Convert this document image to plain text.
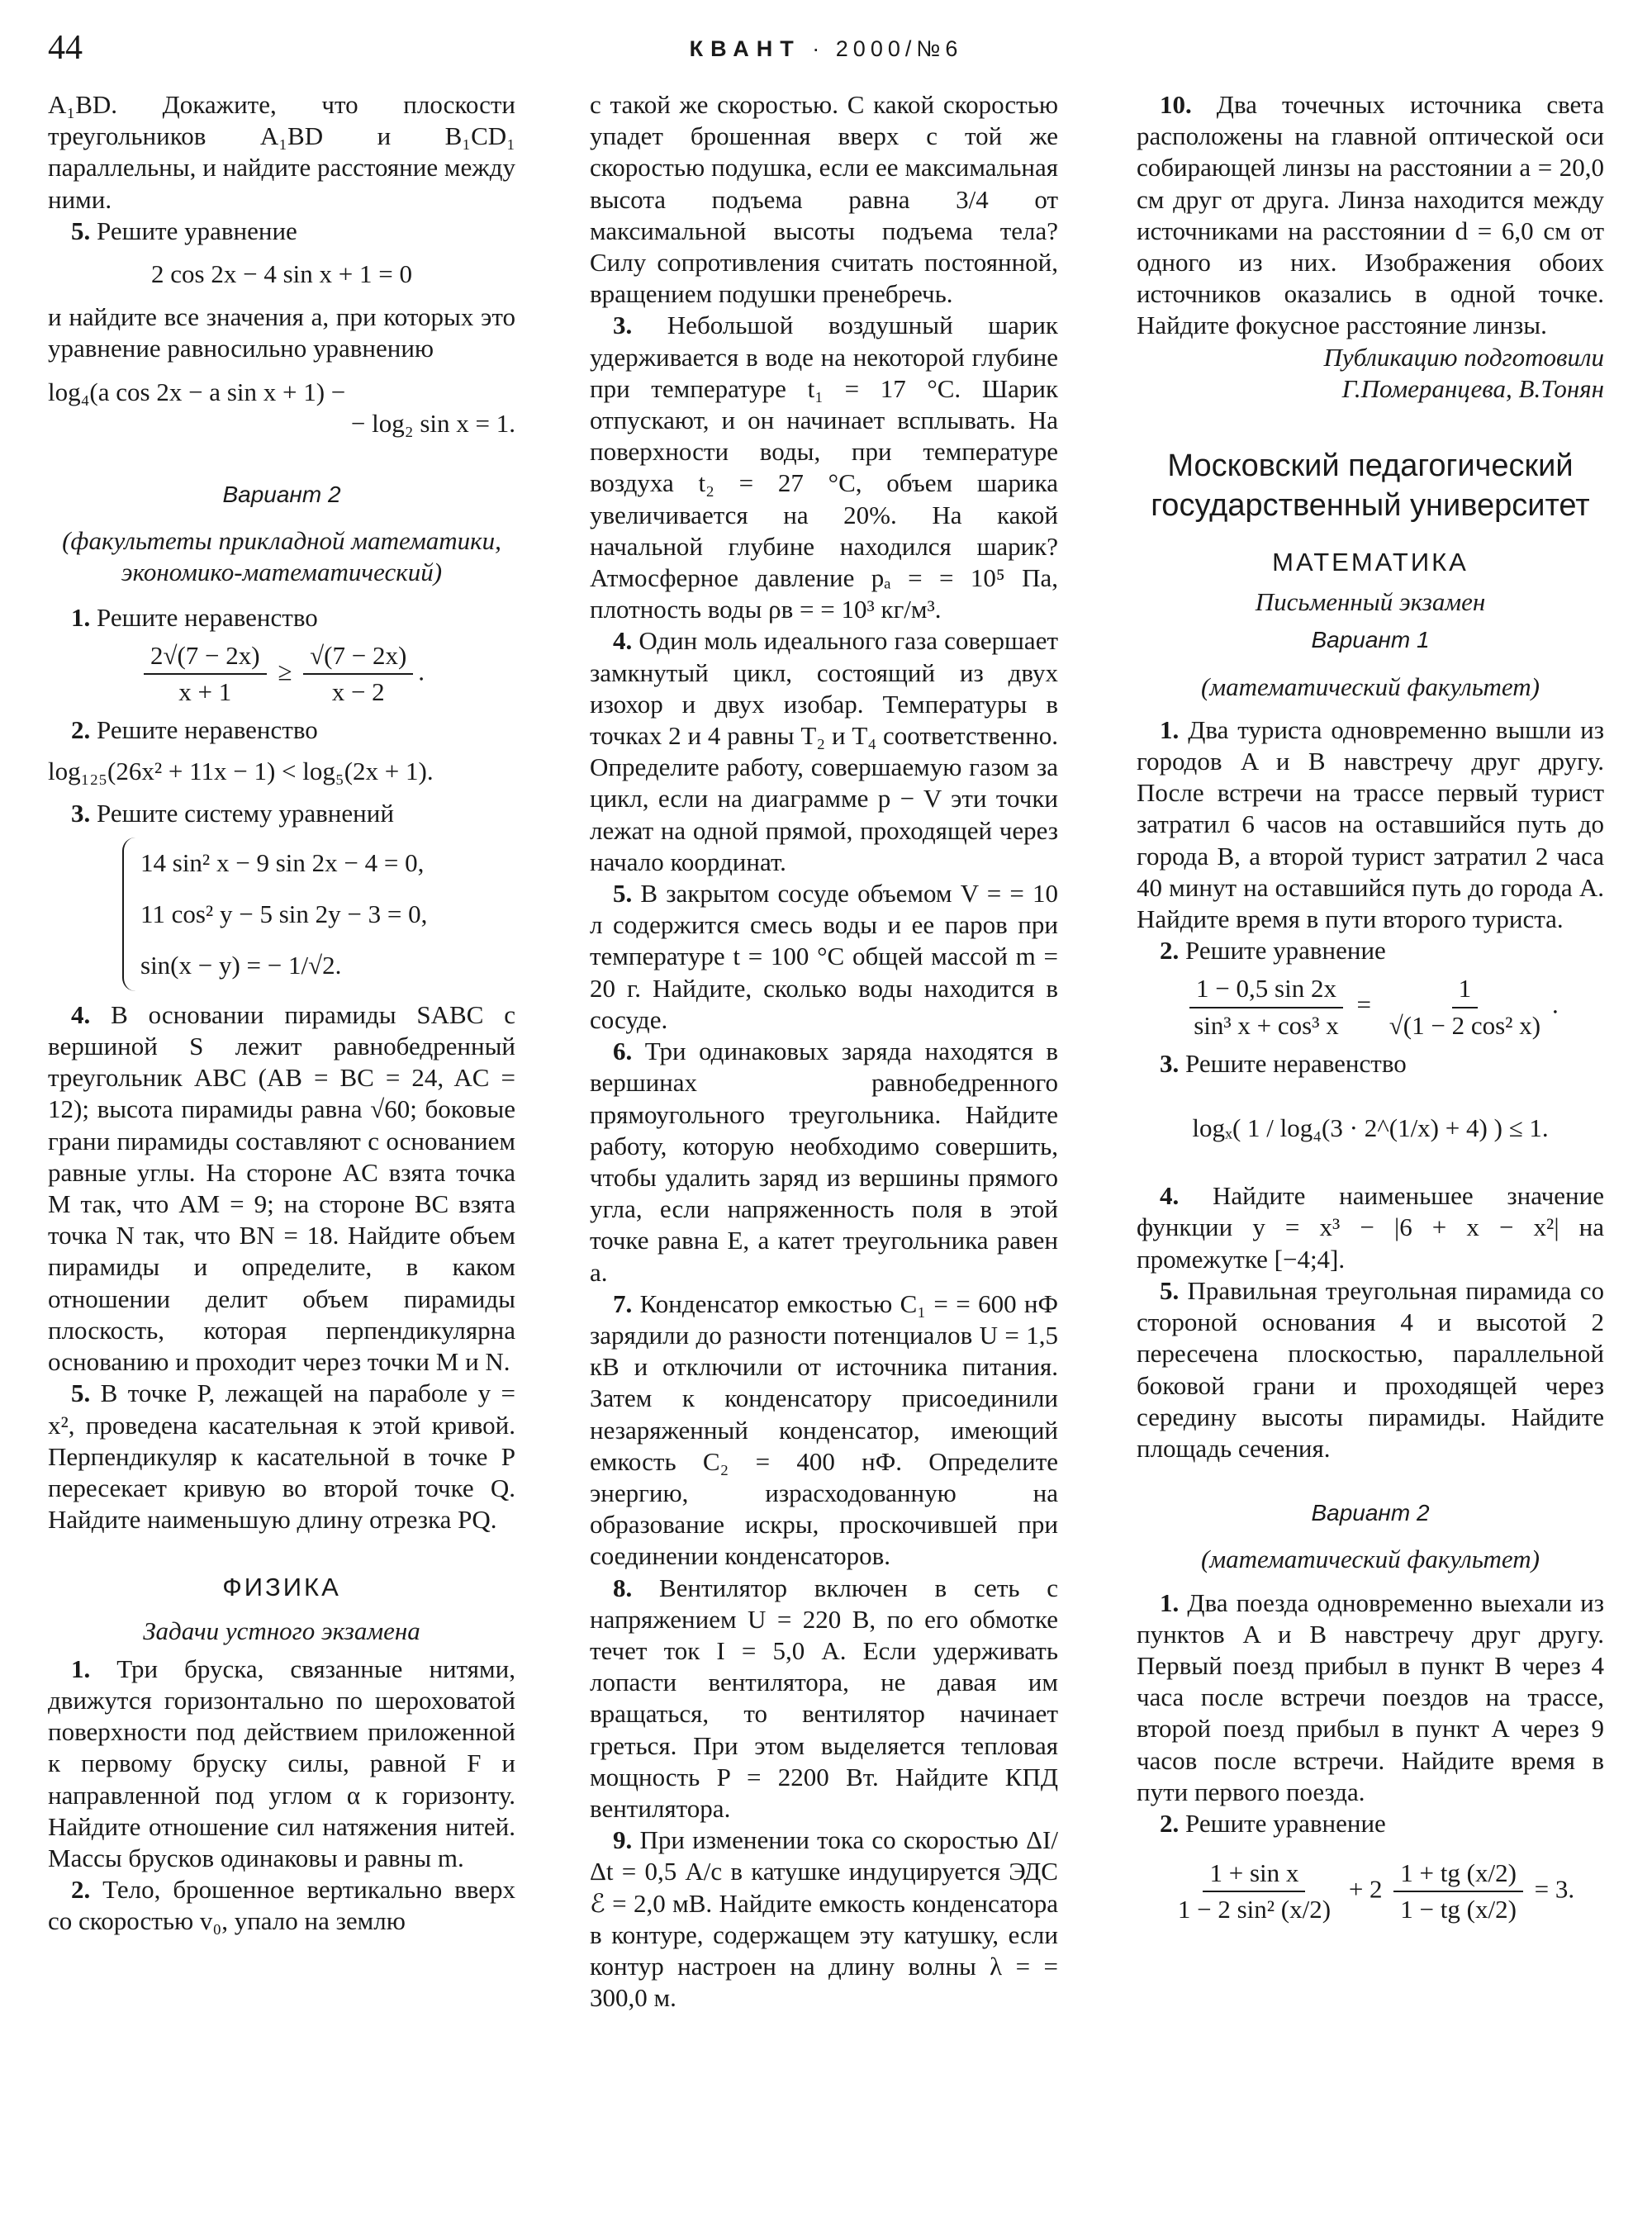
44	КВАНТ · 2000/№6

A₁BD. Докажите, что плоскости треугольников A₁BD и B₁CD₁ параллельны, и найдите расстояние между ними.

5. Решите уравнение

2 cos 2x − 4 sin x + 1 = 0

и найдите все значения a, при которых это уравнение равносильно уравнению

log₄(a cos 2x − a sin x + 1) −

− log₂ sin x = 1.

Вариант 2

(факультеты прикладной математики, экономико-математический)

1. Решите неравенство

$\frac{2√(7 - 2x)}{x + 1} \ge \frac{√(7 - 2x)}{x - 2}$ .

2. Решите неравенство

log₁₂₅(26x² + 11x − 1) < log₅(2x + 1).

3. Решите систему уравнений

14 sin² x − 9 sin 2x − 4 = 0,
11 cos² y − 5 sin 2y − 3 = 0,
sin(x − y) = − 1/√2.

4. В основании пирамиды SABC с вершиной S лежит равнобедренный треугольник ABC (AB = BC = 24, AC = 12); высота пирамиды равна √60; боковые грани пирамиды составляют с основанием равные углы. На стороне AC взята точка M так, что AM = 9; на стороне BC взята точка N так, что BN = 18. Найдите объем пирамиды и определите, в каком отношении делит объем пирамиды плоскость, которая перпендикулярна основанию и проходит через точки M и N.

5. В точке P, лежащей на параболе y = x², проведена касательная к этой кривой. Перпендикуляр к касательной в точке P пересекает кривую во второй точке Q. Найдите наименьшую длину отрезка PQ.

ФИЗИКА

Задачи устного экзамена

1. Три бруска, связанные нитями, движутся горизонтально по шероховатой поверхности под действием приложенной к первому бруску силы, равной F и направленной под углом α к горизонту. Найдите отношение сил натяжения нитей. Массы брусков одинаковы и равны m.

2. Тело, брошенное вертикально вверх со скоростью v₀, упало на землю

с такой же скоростью. С какой скоростью упадет брошенная вверх с той же скоростью подушка, если ее максимальная высота подъема равна 3/4 от максимальной высоты подъема тела? Силу сопротивления считать постоянной, вращением подушки пренебречь.

3. Небольшой воздушный шарик удерживается в воде на некоторой глубине при температуре t₁ = 17 °С. Шарик отпускают, и он начинает всплывать. На поверхности воды, при температуре воздуха t₂ = 27 °С, объем шарика увеличивается на 20%. На какой начальной глубине находился шарик? Атмосферное давление pₐ = = 10⁵ Па, плотность воды ρв = = 10³ кг/м³.

4. Один моль идеального газа совершает замкнутый цикл, состоящий из двух изохор и двух изобар. Температуры в точках 2 и 4 равны T₂ и T₄ соответственно. Определите работу, совершаемую газом за цикл, если на диаграмме p − V эти точки лежат на одной прямой, проходящей через начало координат.

5. В закрытом сосуде объемом V = = 10 л содержится смесь воды и ее паров при температуре t = 100 °С общей массой m = 20 г. Найдите, сколько воды находится в сосуде.

6. Три одинаковых заряда находятся в вершинах равнобедренного прямоугольного треугольника. Найдите работу, которую необходимо совершить, чтобы удалить заряд из вершины прямого угла, если напряженность поля в этой точке равна E, а катет треугольника равен a.

7. Конденсатор емкостью C₁ = = 600 нФ зарядили до разности потенциалов U = 1,5 кВ и отключили от источника питания. Затем к конденсатору присоединили незаряженный конденсатор, имеющий емкость C₂ = 400 нФ. Определите энергию, израсходованную на образование искры, проскочившей при соединении конденсаторов.

8. Вентилятор включен в сеть с напряжением U = 220 В, по его обмотке течет ток I = 5,0 А. Если удерживать лопасти вентилятора, не давая им вращаться, то вентилятор начинает греться. При этом выделяется тепловая мощность P = 2200 Вт. Найдите КПД вентилятора.

9. При изменении тока со скоростью ΔI/Δt = 0,5 А/с в катушке индуцируется ЭДС ℰ = 2,0 мВ. Найдите емкость конденсатора в контуре, содержащем эту катушку, если контур настроен на длину волны λ = = 300,0 м.

10. Два точечных источника света расположены на главной оптической оси собирающей линзы на расстоянии a = 20,0 см друг от друга. Линза находится между источниками на расстоянии d = 6,0 см от одного из них. Изображения обоих источников оказались в одной точке. Найдите фокусное расстояние линзы.

Публикацию подготовили

Г.Померанцева, В.Тонян

Московский педагогический государственный университет

МАТЕМАТИКА

Письменный экзамен

Вариант 1

(математический факультет)

1. Два туриста одновременно вышли из городов A и B навстречу друг другу. После встречи на трассе первый турист затратил 6 часов на оставшийся путь до города B, а второй турист затратил 2 часа 40 минут на оставшийся путь до города A. Найдите время в пути второго туриста.

2. Решите уравнение

$\frac{1 - 0,5 \sin 2x}{\text{sin³ x + cos³ x}} = \frac{1}{\text{√(1 − 2 cos² x)}}$ .

3. Решите неравенство

logₓ( 1 / log₄(3 · 2^(1/x) + 4) ) ≤ 1.

4. Найдите наименьшее значение функции y = x³ − |6 + x − x²| на промежутке [−4;4].

5. Правильная треугольная пирамида со стороной основания 4 и высотой 2 пересечена плоскостью, параллельной боковой грани и проходящей через середину высоты пирамиды. Найдите площадь сечения.

Вариант 2

(математический факультет)

1. Два поезда одновременно выехали из пунктов A и B навстречу друг другу. Первый поезд прибыл в пункт B через 4 часа после встречи поездов на трассе, второй поезд прибыл в пункт A через 9 часов после встречи. Найдите время в пути первого поезда.

2. Решите уравнение

$\frac{\text{1 + sin x}}{\text{1 − 2 sin² (x/2)}} + 2 \frac{1 + tg (x/2)}{1 - tg (x/2)} = 3$.
